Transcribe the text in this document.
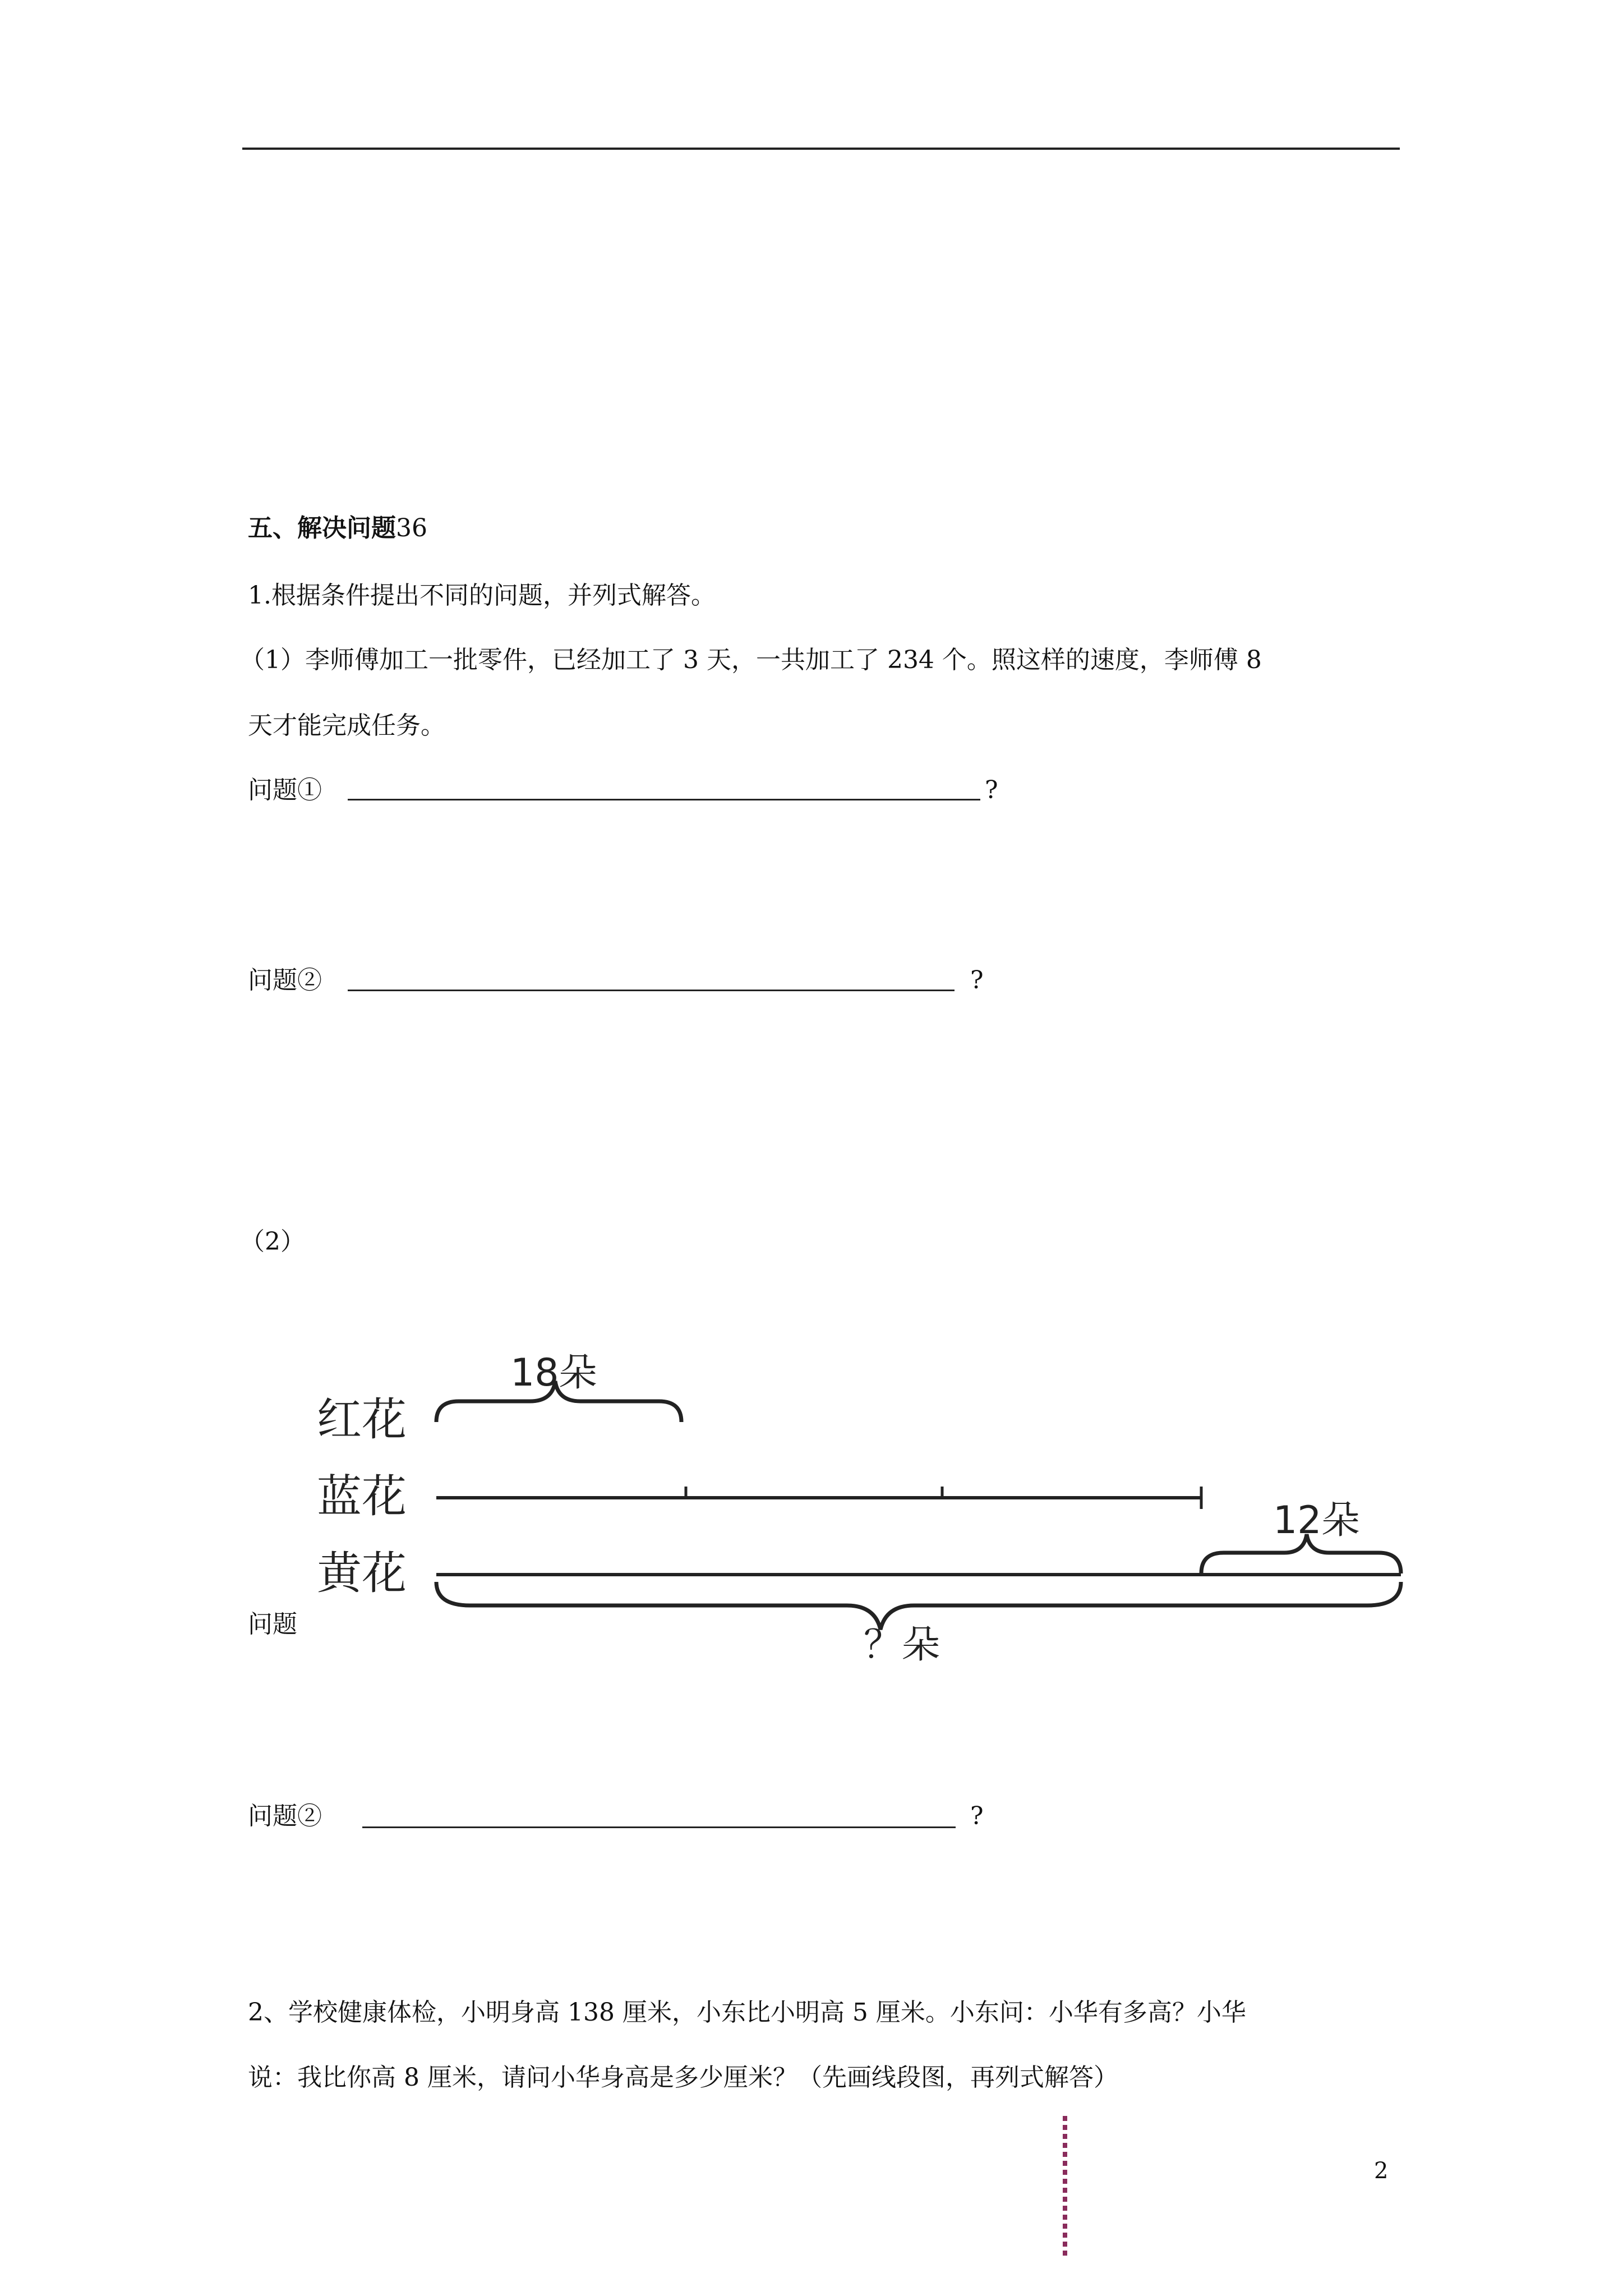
五、解决问题36
1.根据条件提出不同的问题，并列式解答。
（1）李师傅加工一批零件，已经加工了 3 天，一共加工了 234 个。照这样的速度，李师傅 8
天才能完成任务。
问题①	?
问题②	?
（2）
红花
蓝花
黄花
18朵
12朵
？朵
问题
问题②	?
2、学校健康体检，小明身高 138 厘米，小东比小明高 5 厘米。小东问：小华有多高？小华
说：我比你高 8 厘米，请问小华身高是多少厘米？（先画线段图，再列式解答）
2
